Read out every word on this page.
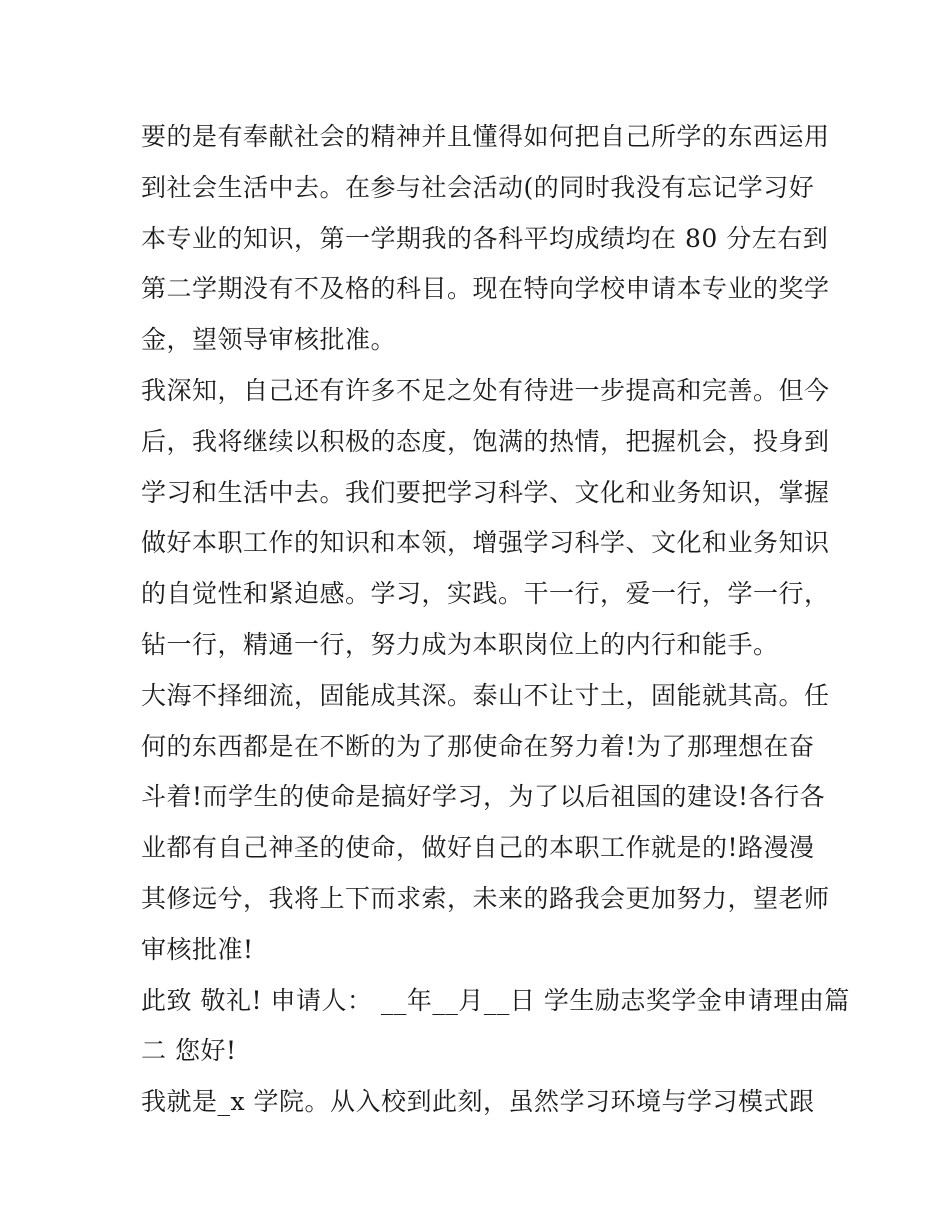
要的是有奉献社会的精神并且懂得如何把自己所学的东西运用
到社会生活中去。在参与社会活动(的同时我没有忘记学习好
本专业的知识，第一学期我的各科平均成绩均在 80 分左右到
第二学期没有不及格的科目。现在特向学校申请本专业的奖学
金，望领导审核批准。
我深知，自己还有许多不足之处有待进一步提高和完善。但今
后，我将继续以积极的态度，饱满的热情，把握机会，投身到
学习和生活中去。我们要把学习科学、文化和业务知识，掌握
做好本职工作的知识和本领，增强学习科学、文化和业务知识
的自觉性和紧迫感。学习，实践。干一行，爱一行，学一行，
钻一行，精通一行，努力成为本职岗位上的内行和能手。
大海不择细流，固能成其深。泰山不让寸土，固能就其高。任
何的东西都是在不断的为了那使命在努力着!为了那理想在奋
斗着!而学生的使命是搞好学习，为了以后祖国的建设!各行各
业都有自己神圣的使命，做好自己的本职工作就是的!路漫漫
其修远兮，我将上下而求索，未来的路我会更加努力，望老师
审核批准!
此致 敬礼! 申请人： __年__月__日 学生励志奖学金申请理由篇
二 您好!
我就是_x 学院。从入校到此刻，虽然学习环境与学习模式跟
